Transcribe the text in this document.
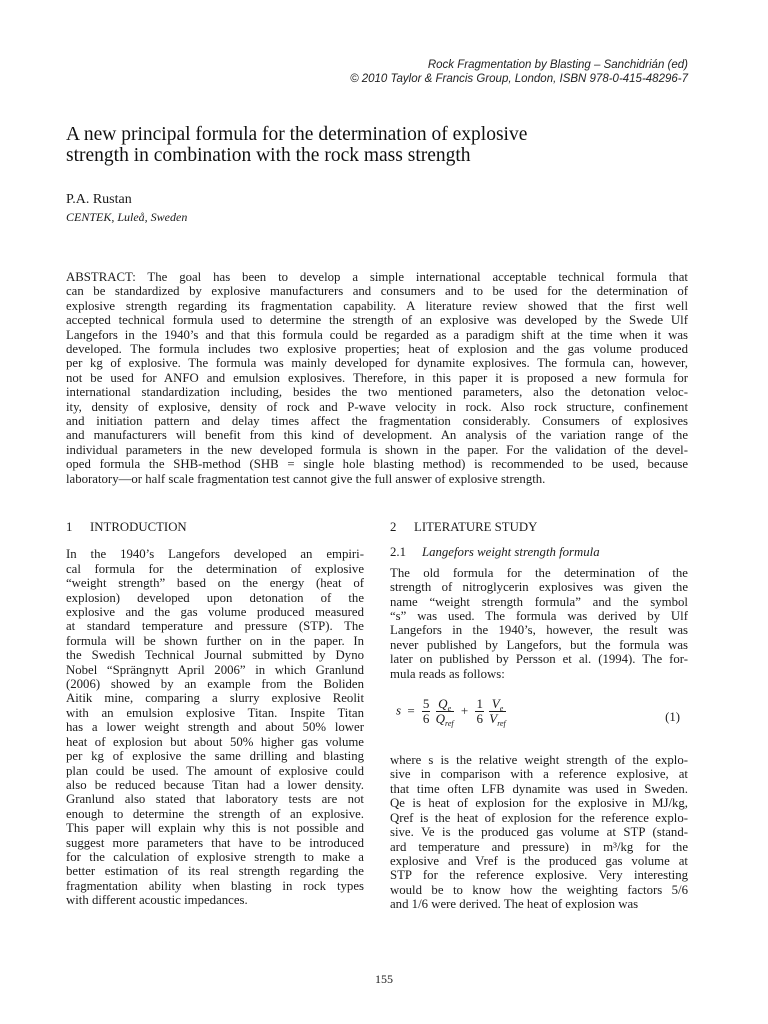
Rock Fragmentation by Blasting – Sanchidrián (ed)
© 2010 Taylor & Francis Group, London, ISBN 978-0-415-48296-7
A new principal formula for the determination of explosive
strength in combination with the rock mass strength
P.A. Rustan
CENTEK, Luleå, Sweden
ABSTRACT: The goal has been to develop a simple international acceptable technical formula that
can be standardized by explosive manufacturers and consumers and to be used for the determination of
explosive strength regarding its fragmentation capability. A literature review showed that the first well
accepted technical formula used to determine the strength of an explosive was developed by the Swede Ulf
Langefors in the 1940’s and that this formula could be regarded as a paradigm shift at the time when it was
developed. The formula includes two explosive properties; heat of explosion and the gas volume produced
per kg of explosive. The formula was mainly developed for dynamite explosives. The formula can, however,
not be used for ANFO and emulsion explosives. Therefore, in this paper it is proposed a new formula for
international standardization including, besides the two mentioned parameters, also the detonation veloc-
ity, density of explosive, density of rock and P-wave velocity in rock. Also rock structure, confinement
and initiation pattern and delay times affect the fragmentation considerably. Consumers of explosives
and manufacturers will benefit from this kind of development. An analysis of the variation range of the
individual parameters in the new developed formula is shown in the paper. For the validation of the devel-
oped formula the SHB-method (SHB = single hole blasting method) is recommended to be used, because
laboratory—or half scale fragmentation test cannot give the full answer of explosive strength.
1 INTRODUCTION
In the 1940’s Langefors developed an empiri-
cal formula for the determination of explosive
“weight strength” based on the energy (heat of
explosion) developed upon detonation of the
explosive and the gas volume produced measured
at standard temperature and pressure (STP). The
formula will be shown further on in the paper. In
the Swedish Technical Journal submitted by Dyno
Nobel “Sprängnytt April 2006” in which Granlund
(2006) showed by an example from the Boliden
Aitik mine, comparing a slurry explosive Reolit
with an emulsion explosive Titan. Inspite Titan
has a lower weight strength and about 50% lower
heat of explosion but about 50% higher gas volume
per kg of explosive the same drilling and blasting
plan could be used. The amount of explosive could
also be reduced because Titan had a lower density.
Granlund also stated that laboratory tests are not
enough to determine the strength of an explosive.
This paper will explain why this is not possible and
suggest more parameters that have to be introduced
for the calculation of explosive strength to make a
better estimation of its real strength regarding the
fragmentation ability when blasting in rock types
with different acoustic impedances.
2 LITERATURE STUDY
2.1 Langefors weight strength formula
The old formula for the determination of the
strength of nitroglycerin explosives was given the
name “weight strength formula” and the symbol
“s” was used. The formula was derived by Ulf
Langefors in the 1940’s, however, the result was
never published by Langefors, but the formula was
later on published by Persson et al. (1994). The for-
mula reads as follows:
$s = \frac{5}{6}$
$\frac{Q_e}{Q_{ref}} + \frac{1}{6}$
$\frac{V_e}{V_{ref}}$	(1)
where s is the relative weight strength of the explo-
sive in comparison with a reference explosive, at
that time often LFB dynamite was used in Sweden.
Qe is heat of explosion for the explosive in MJ/kg,
Qref is the heat of explosion for the reference explo-
sive. Ve is the produced gas volume at STP (stand-
ard temperature and pressure) in m³/kg for the
explosive and Vref is the produced gas volume at
STP for the reference explosive. Very interesting
would be to know how the weighting factors 5/6
and 1/6 were derived. The heat of explosion was
155
